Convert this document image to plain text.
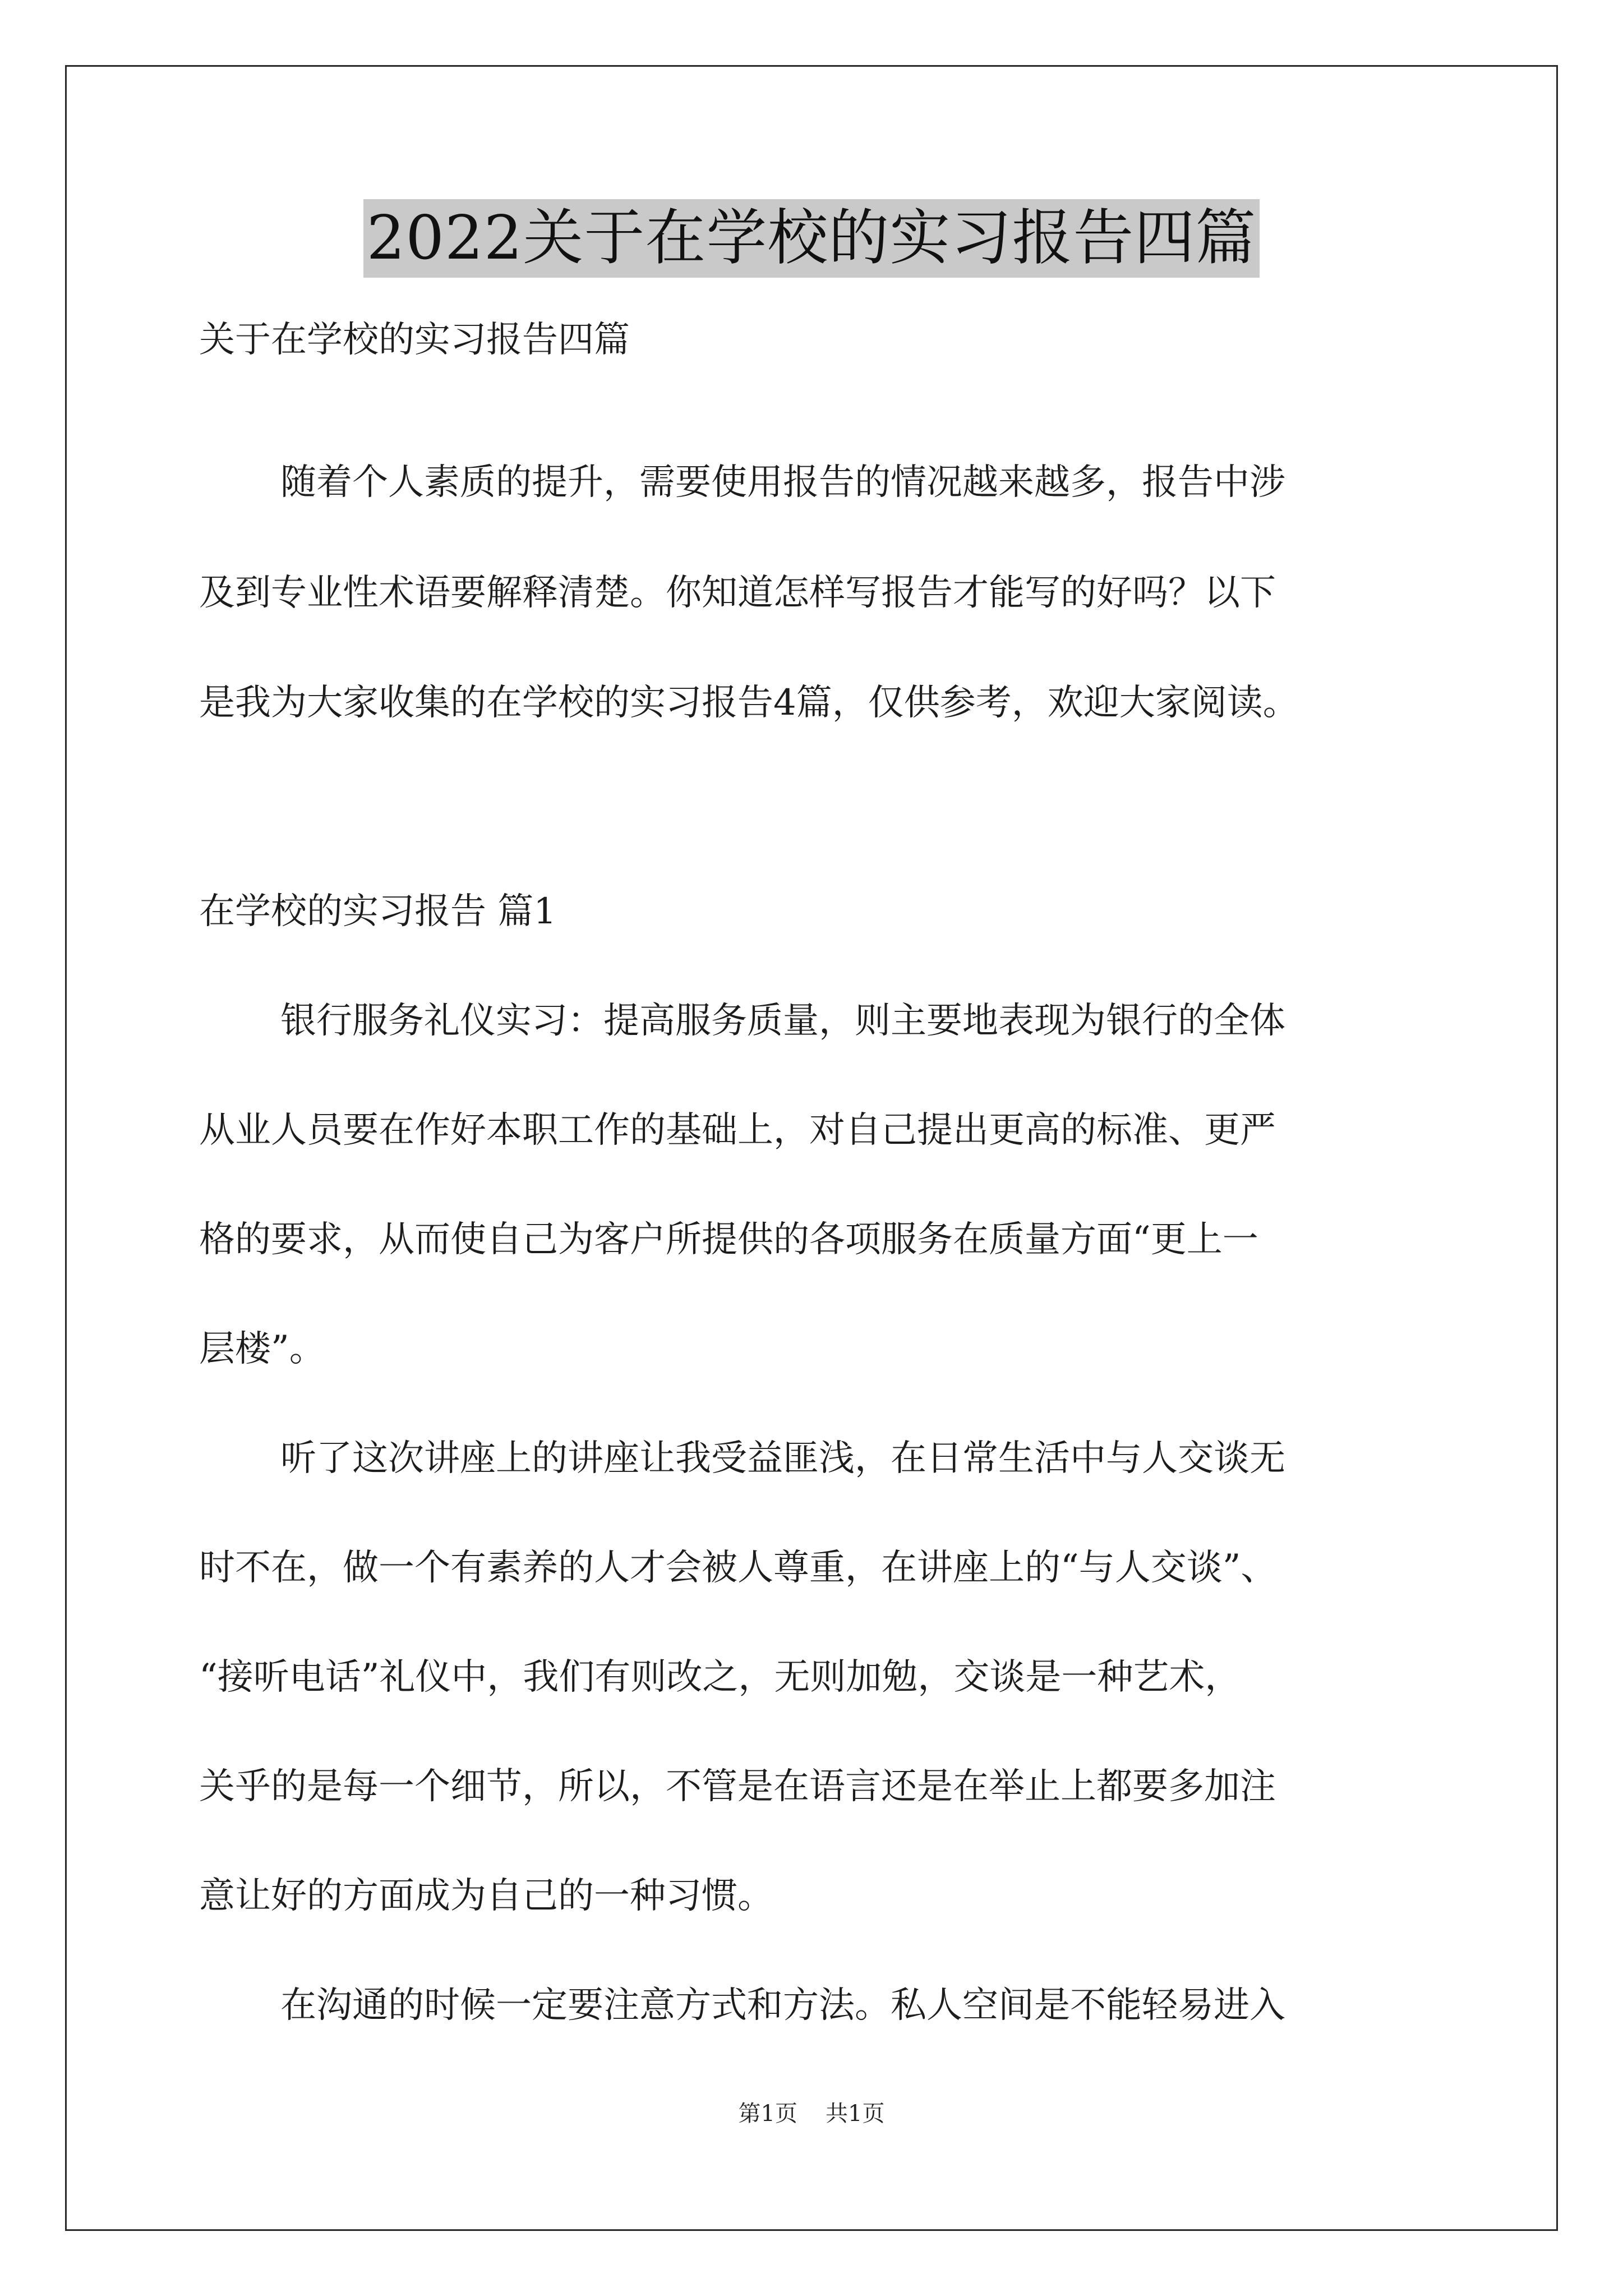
2022关于在学校的实习报告四篇
关于在学校的实习报告四篇
随着个人素质的提升，需要使用报告的情况越来越多，报告中涉
及到专业性术语要解释清楚。你知道怎样写报告才能写的好吗？以下
是我为大家收集的在学校的实习报告4篇，仅供参考，欢迎大家阅读。
在学校的实习报告 篇1
银行服务礼仪实习：提高服务质量，则主要地表现为银行的全体
从业人员要在作好本职工作的基础上，对自己提出更高的标准、更严
格的要求，从而使自己为客户所提供的各项服务在质量方面“更上一
层楼”。
听了这次讲座上的讲座让我受益匪浅，在日常生活中与人交谈无
时不在，做一个有素养的人才会被人尊重，在讲座上的“与人交谈”、
“接听电话”礼仪中，我们有则改之，无则加勉，交谈是一种艺术，
关乎的是每一个细节，所以，不管是在语言还是在举止上都要多加注
意让好的方面成为自己的一种习惯。
在沟通的时候一定要注意方式和方法。私人空间是不能轻易进入
第1页 共1页
